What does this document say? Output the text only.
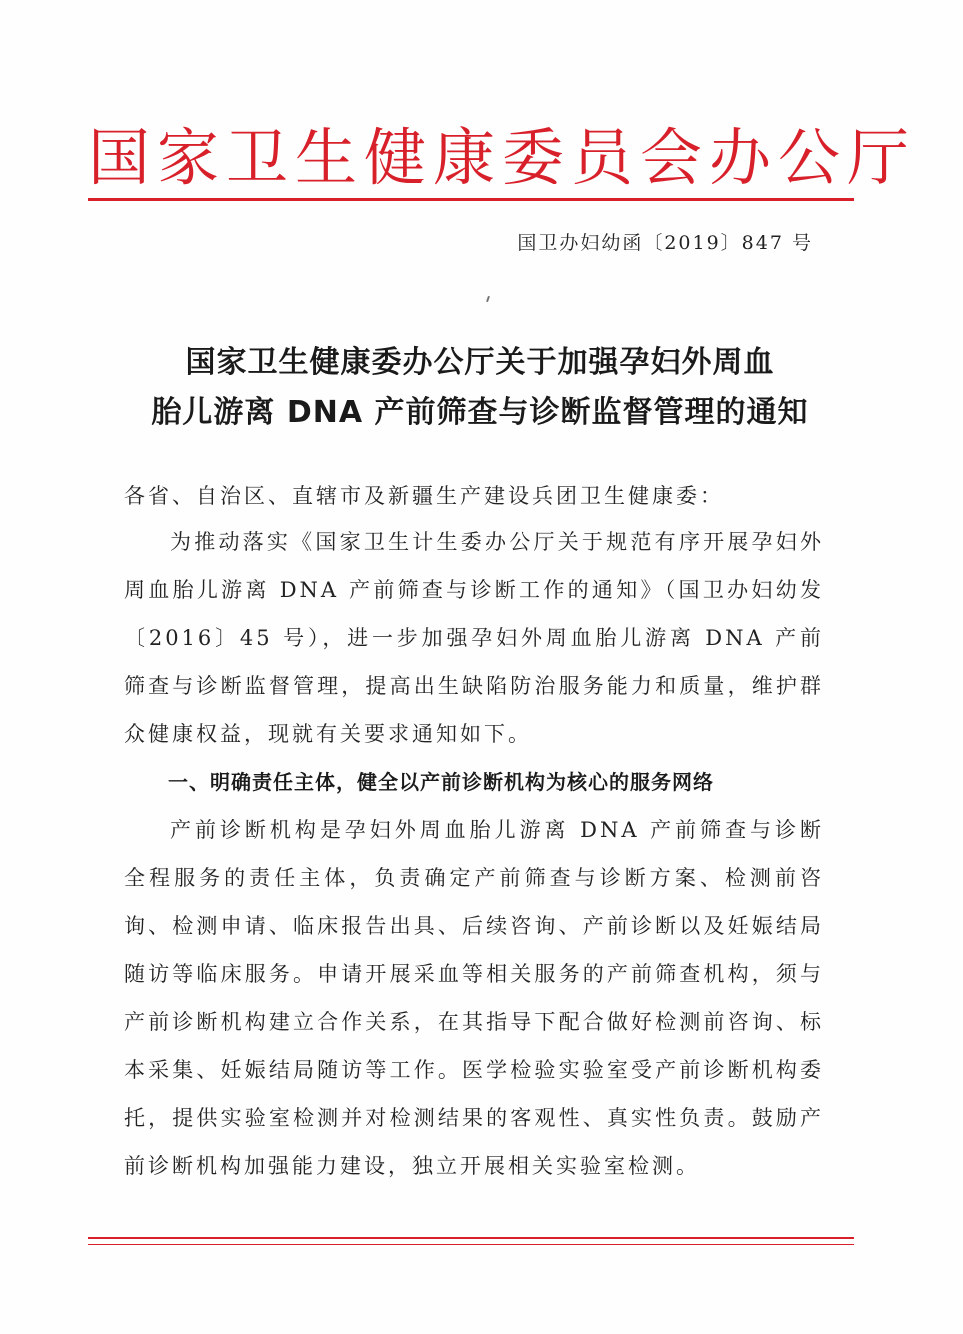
国家卫生健康委员会办公厅
国卫办妇幼函〔2019〕847 号
国家卫生健康委办公厅关于加强孕妇外周血
胎儿游离 DNA 产前筛查与诊断监督管理的通知
各省、自治区、直辖市及新疆生产建设兵团卫生健康委：
为推动落实《国家卫生计生委办公厅关于规范有序开展孕妇外周血胎儿游离 DNA 产前筛查与诊断工作的通知》（国卫办妇幼发〔2016〕45 号），进一步加强孕妇外周血胎儿游离 DNA 产前筛查与诊断监督管理，提高出生缺陷防治服务能力和质量，维护群众健康权益，现就有关要求通知如下。
一、明确责任主体，健全以产前诊断机构为核心的服务网络
产前诊断机构是孕妇外周血胎儿游离 DNA 产前筛查与诊断全程服务的责任主体，负责确定产前筛查与诊断方案、检测前咨询、检测申请、临床报告出具、后续咨询、产前诊断以及妊娠结局随访等临床服务。申请开展采血等相关服务的产前筛查机构，须与产前诊断机构建立合作关系，在其指导下配合做好检测前咨询、标本采集、妊娠结局随访等工作。医学检验实验室受产前诊断机构委托，提供实验室检测并对检测结果的客观性、真实性负责。鼓励产前诊断机构加强能力建设，独立开展相关实验室检测。
